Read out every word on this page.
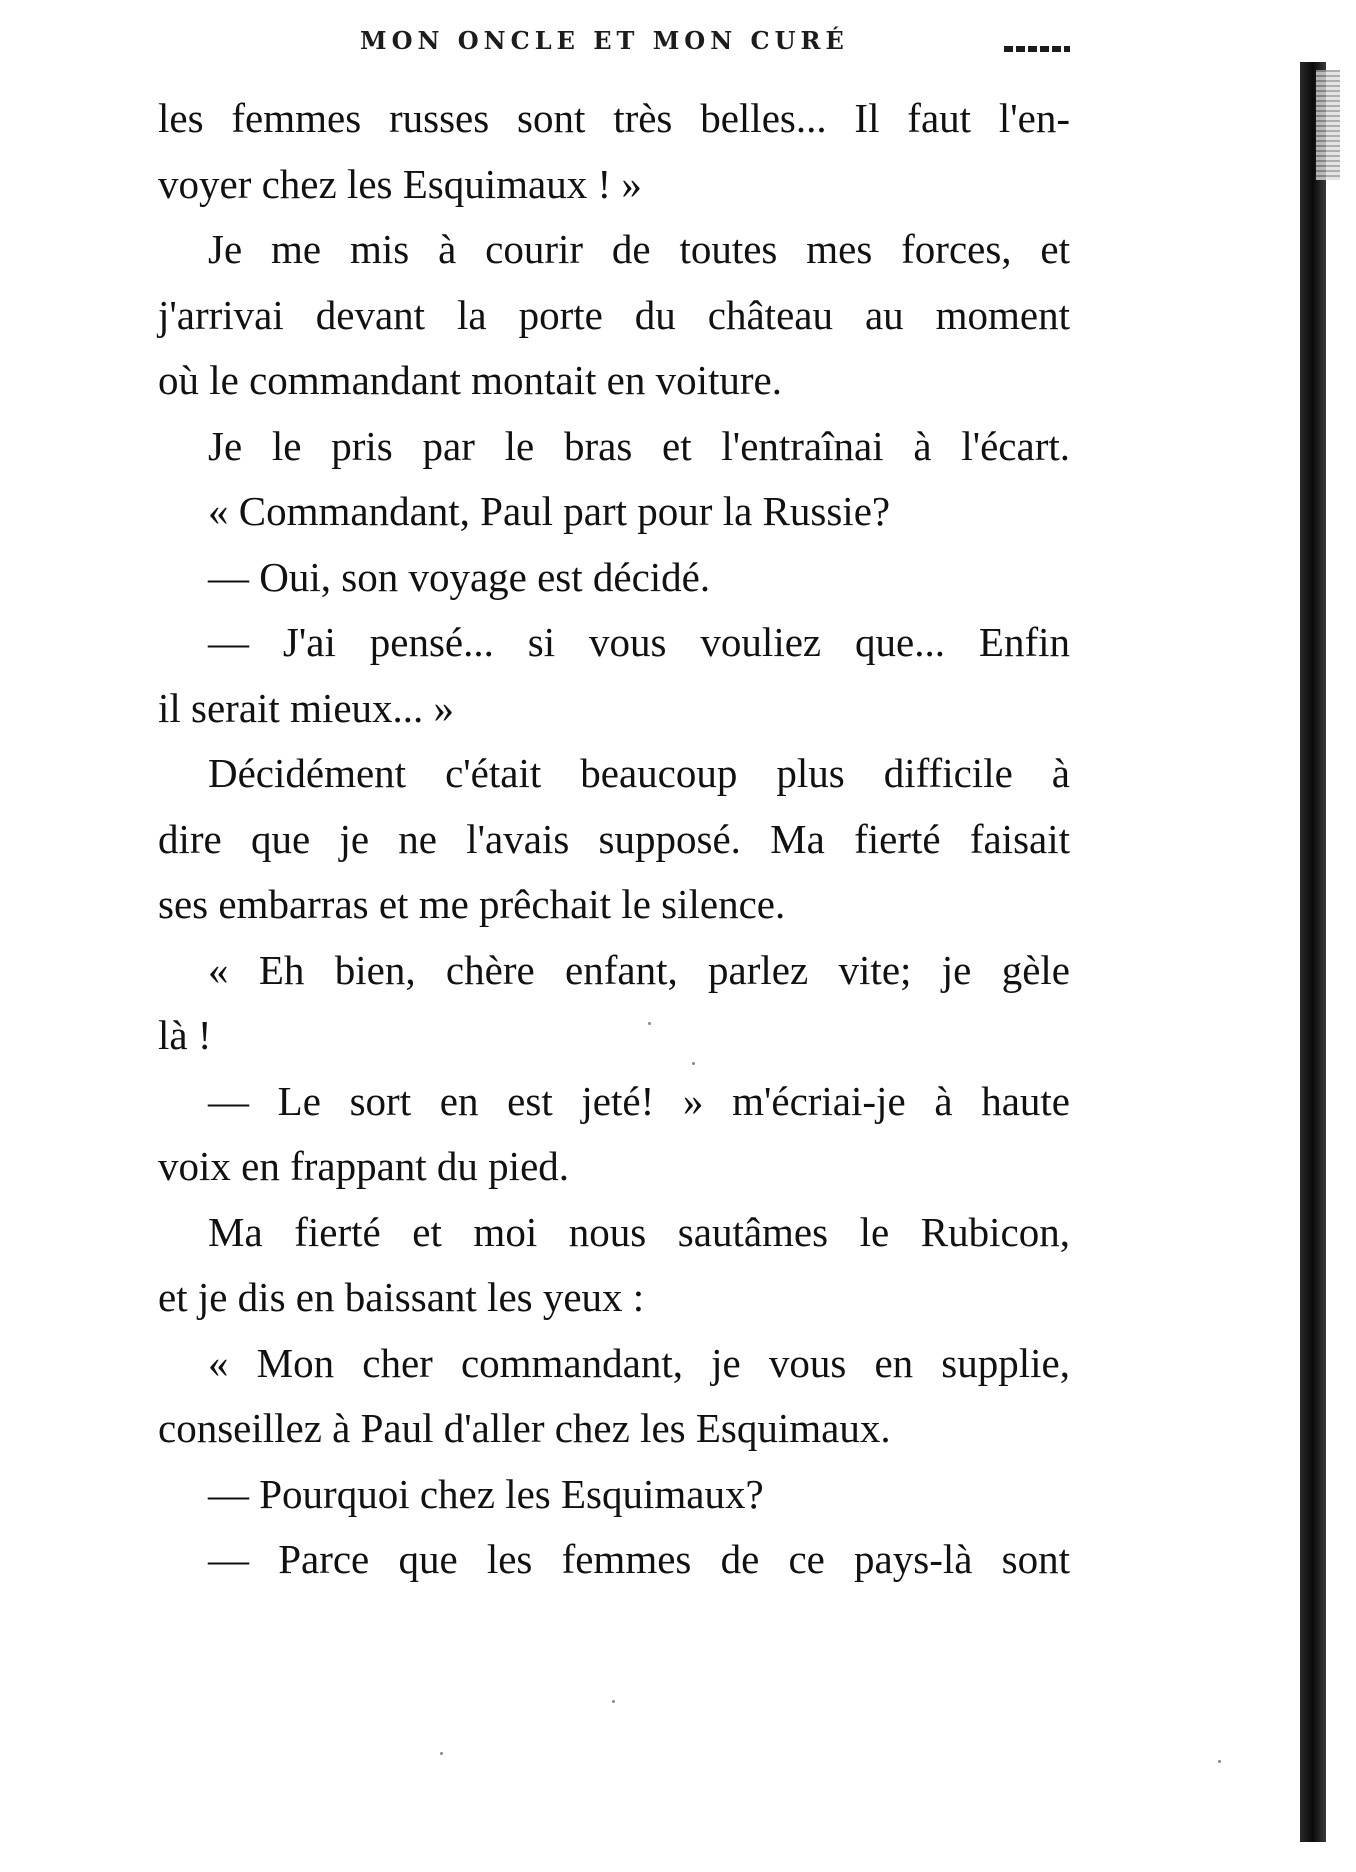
MON ONCLE ET MON CURÉ
les femmes russes sont très belles... Il faut l'en-
voyer chez les Esquimaux ! »
Je me mis à courir de toutes mes forces, et
j'arrivai devant la porte du château au moment
où le commandant montait en voiture.
Je le pris par le bras et l'entraînai à l'écart.
« Commandant, Paul part pour la Russie?
— Oui, son voyage est décidé.
— J'ai pensé... si vous vouliez que... Enfin
il serait mieux... »
Décidément c'était beaucoup plus difficile à
dire que je ne l'avais supposé. Ma fierté faisait
ses embarras et me prêchait le silence.
« Eh bien, chère enfant, parlez vite; je gèle
là !
— Le sort en est jeté! » m'écriai-je à haute
voix en frappant du pied.
Ma fierté et moi nous sautâmes le Rubicon,
et je dis en baissant les yeux :
« Mon cher commandant, je vous en supplie,
conseillez à Paul d'aller chez les Esquimaux.
— Pourquoi chez les Esquimaux?
— Parce que les femmes de ce pays-là sont
